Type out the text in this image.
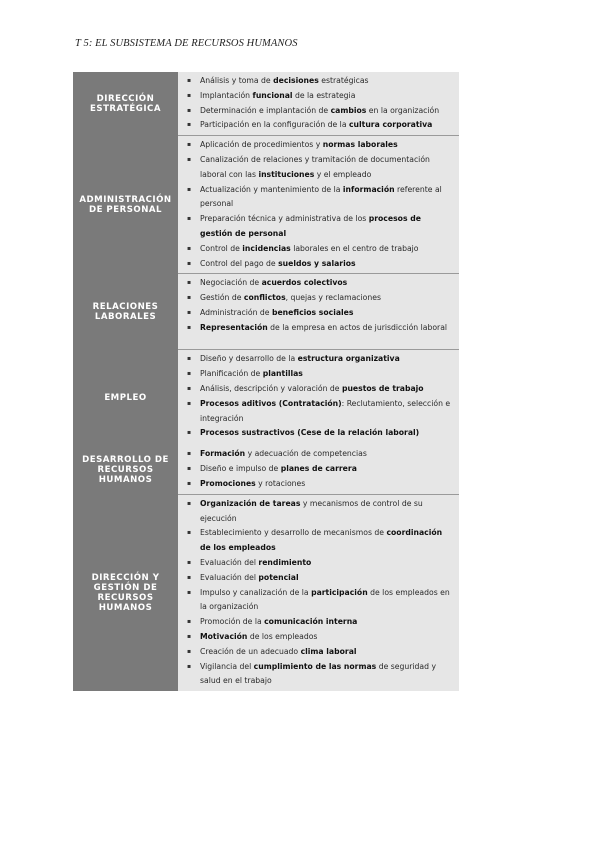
T 5: EL SUBSISTEMA DE RECURSOS HUMANOS
DIRECCIÓN
ESTRATÉGICA
▪ Análisis y toma de decisiones estratégicas
▪ Implantación funcional de la estrategia
▪ Determinación e implantación de cambios en la organización
▪ Participación en la configuración de la cultura corporativa
ADMINISTRACIÓN
DE PERSONAL
▪ Aplicación de procedimientos y normas laborales
▪ Canalización de relaciones y tramitación de documentación laboral con las instituciones y el empleado
▪ Actualización y mantenimiento de la información referente al personal
▪ Preparación técnica y administrativa de los procesos de gestión de personal
▪ Control de incidencias laborales en el centro de trabajo
▪ Control del pago de sueldos y salarios
RELACIONES
LABORALES
▪ Negociación de acuerdos colectivos
▪ Gestión de conflictos, quejas y reclamaciones
▪ Administración de beneficios sociales
▪ Representación de la empresa en actos de jurisdicción laboral
EMPLEO
▪ Diseño y desarrollo de la estructura organizativa
▪ Planificación de plantillas
▪ Análisis, descripción y valoración de puestos de trabajo
▪ Procesos aditivos (Contratación): Reclutamiento, selección e integración
▪ Procesos sustractivos (Cese de la relación laboral)
DESARROLLO DE
RECURSOS
HUMANOS
▪ Formación y adecuación de competencias
▪ Diseño e impulso de planes de carrera
▪ Promociones y rotaciones
DIRECCIÓN Y
GESTIÓN DE
RECURSOS
HUMANOS
▪ Organización de tareas y mecanismos de control de su ejecución
▪ Establecimiento y desarrollo de mecanismos de coordinación de los empleados
▪ Evaluación del rendimiento
▪ Evaluación del potencial
▪ Impulso y canalización de la participación de los empleados en la organización
▪ Promoción de la comunicación interna
▪ Motivación de los empleados
▪ Creación de un adecuado clima laboral
▪ Vigilancia del cumplimiento de las normas de seguridad y salud en el trabajo
